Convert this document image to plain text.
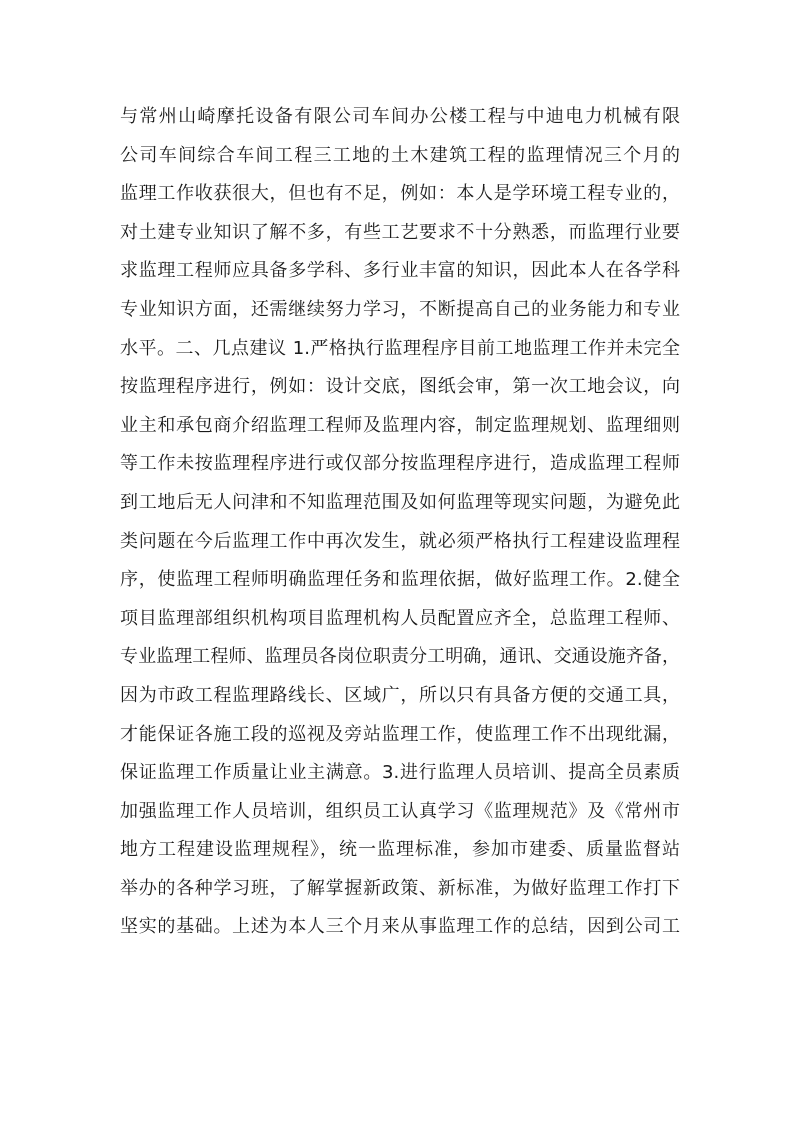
与常州山崎摩托设备有限公司车间办公楼工程与中迪电力机械有限
公司车间综合车间工程三工地的土木建筑工程的监理情况三个月的
监理工作收获很大，但也有不足，例如：本人是学环境工程专业的，
对土建专业知识了解不多，有些工艺要求不十分熟悉，而监理行业要
求监理工程师应具备多学科、多行业丰富的知识，因此本人在各学科
专业知识方面，还需继续努力学习，不断提高自己的业务能力和专业
水平。二、几点建议 1.严格执行监理程序目前工地监理工作并未完全
按监理程序进行，例如：设计交底，图纸会审，第一次工地会议，向
业主和承包商介绍监理工程师及监理内容，制定监理规划、监理细则
等工作未按监理程序进行或仅部分按监理程序进行，造成监理工程师
到工地后无人问津和不知监理范围及如何监理等现实问题，为避免此
类问题在今后监理工作中再次发生，就必须严格执行工程建设监理程
序，使监理工程师明确监理任务和监理依据，做好监理工作。2.健全
项目监理部组织机构项目监理机构人员配置应齐全，总监理工程师、
专业监理工程师、监理员各岗位职责分工明确，通讯、交通设施齐备，
因为市政工程监理路线长、区域广，所以只有具备方便的交通工具，
才能保证各施工段的巡视及旁站监理工作，使监理工作不出现纰漏，
保证监理工作质量让业主满意。3.进行监理人员培训、提高全员素质
加强监理工作人员培训，组织员工认真学习《监理规范》及《常州市
地方工程建设监理规程》，统一监理标准，参加市建委、质量监督站
举办的各种学习班，了解掌握新政策、新标准，为做好监理工作打下
坚实的基础。上述为本人三个月来从事监理工作的总结，因到公司工
